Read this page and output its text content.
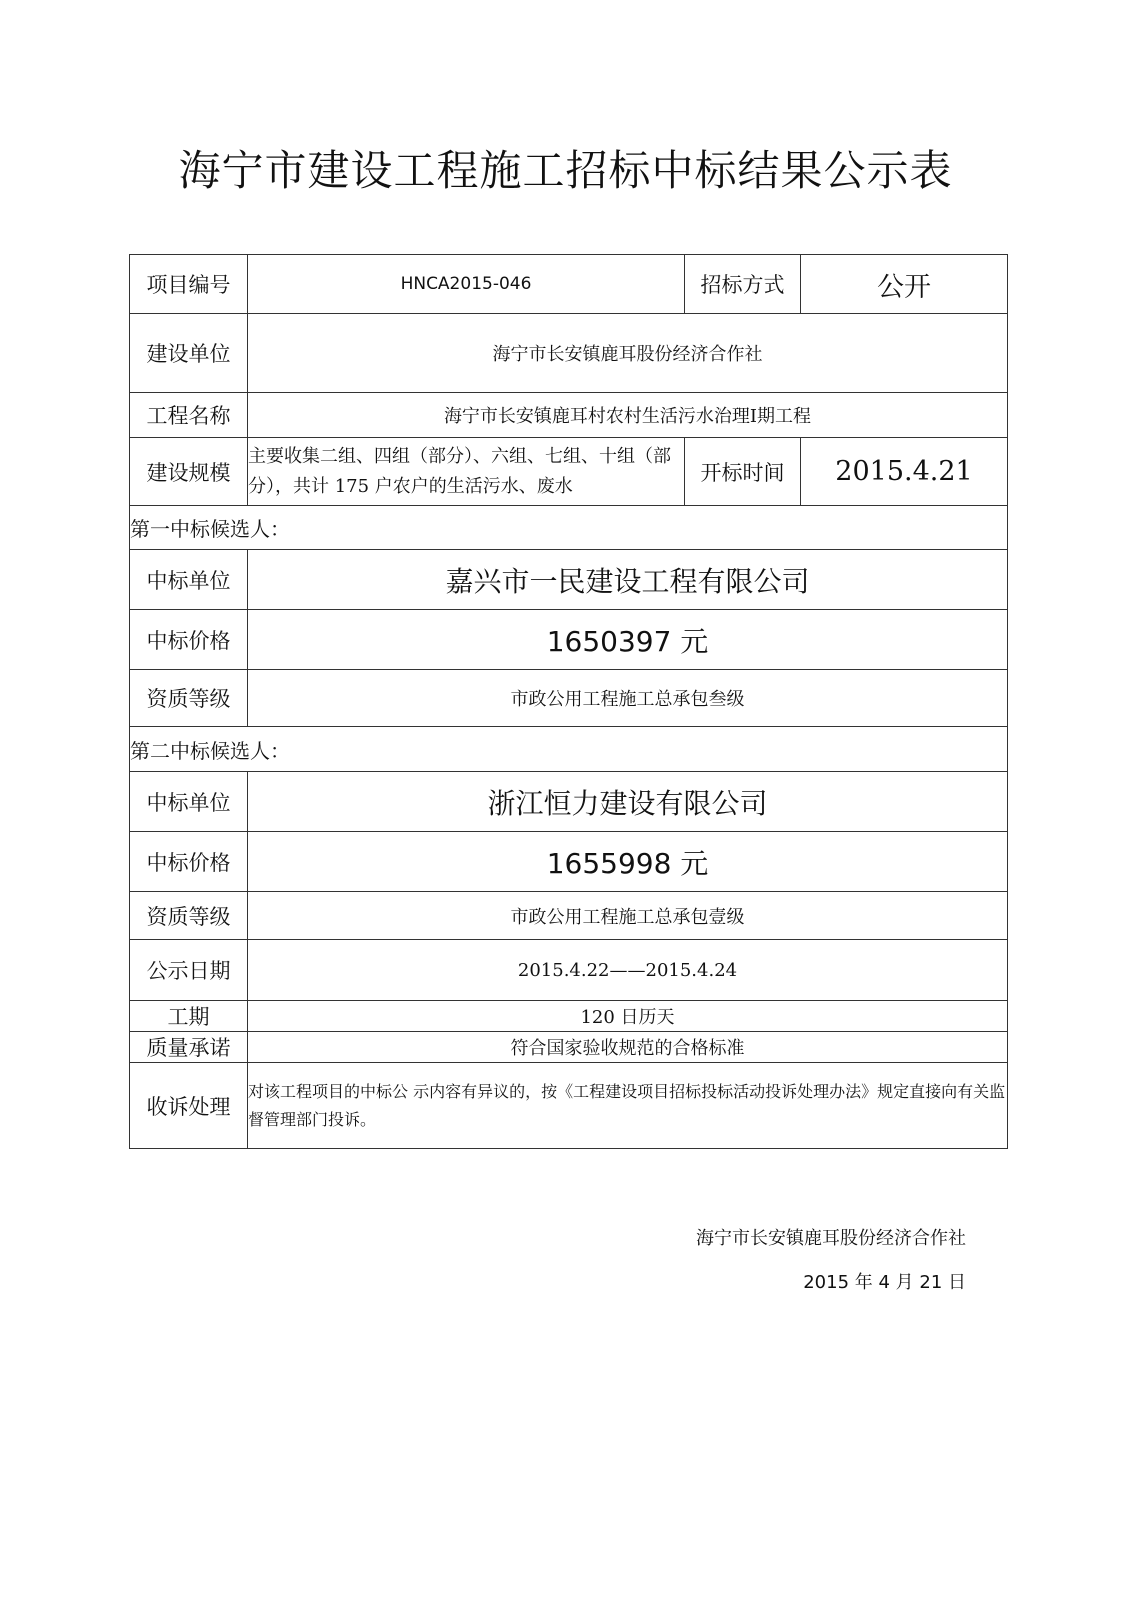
海宁市建设工程施工招标中标结果公示表
项目编号	HNCA2015-046	招标方式	公开
建设单位	海宁市长安镇鹿耳股份经济合作社		
工程名称	海宁市长安镇鹿耳村农村生活污水治理Ⅰ期工程		
建设规模	主要收集二组、四组（部分）、六组、七组、十组（部分），共计 175 户农户的生活污水、废水	开标时间	2015.4.21
第一中标候选人：			
中标单位	嘉兴市一民建设工程有限公司		
中标价格	1650397 元		
资质等级	市政公用工程施工总承包叁级		
第二中标候选人：			
中标单位	浙江恒力建设有限公司		
中标价格	1655998 元		
资质等级	市政公用工程施工总承包壹级		
公示日期	2015.4.22——2015.4.24		
工期	120 日历天		
质量承诺	符合国家验收规范的合格标准		
收诉处理	对该工程项目的中标公 示内容有异议的，按《工程建设项目招标投标活动投诉处理办法》规定直接向有关监督管理部门投诉。		
海宁市长安镇鹿耳股份经济合作社
2015 年 4 月 21 日
